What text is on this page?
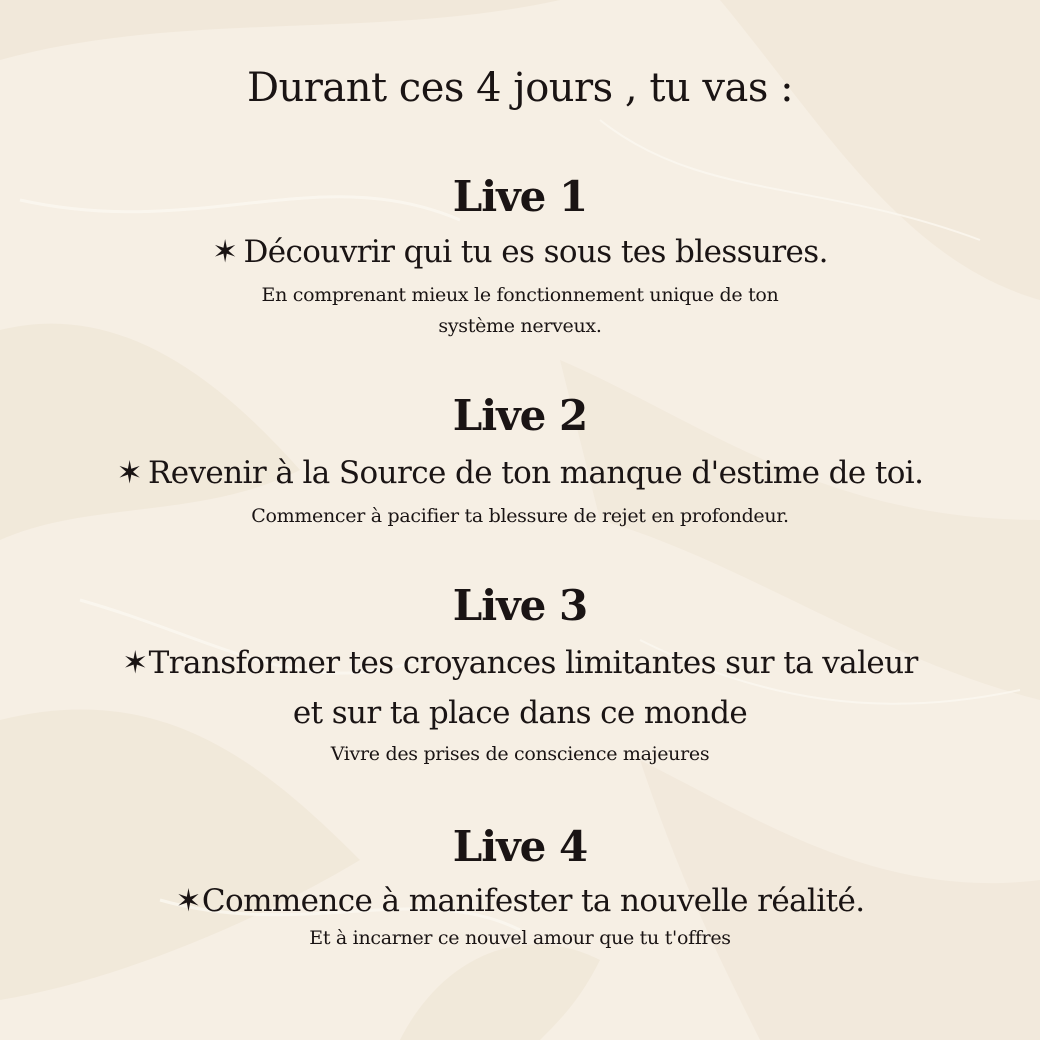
Durant ces 4 jours , tu vas :
Live 1
✶ Découvrir qui tu es sous tes blessures.
En comprenant mieux le fonctionnement unique de ton
système nerveux.
Live 2
✶ Revenir à la Source de ton manque d'estime de toi.
Commencer à pacifier ta blessure de rejet en profondeur.
Live 3
✶Transformer tes croyances limitantes sur ta valeur
et sur ta place dans ce monde
Vivre des prises de conscience majeures
Live 4
✶Commence à manifester ta nouvelle réalité.
Et à incarner ce nouvel amour que tu t'offres
